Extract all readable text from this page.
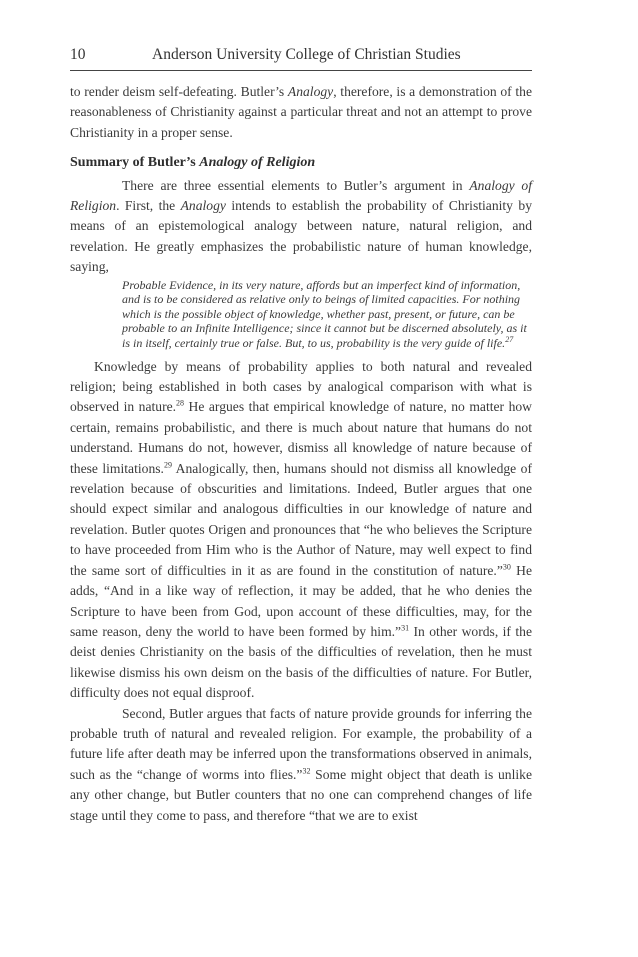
10	Anderson University College of Christian Studies

to render deism self-defeating. Butler’s Analogy, therefore, is a demonstration of the reasonableness of Christianity against a particular threat and not an attempt to prove Christianity in a proper sense.

Summary of Butler’s Analogy of Religion

There are three essential elements to Butler’s argument in Analogy of Religion. First, the Analogy intends to establish the probability of Christianity by means of an epistemological analogy between nature, natural religion, and revelation. He greatly emphasizes the probabilistic nature of human knowledge, saying,

Probable Evidence, in its very nature, affords but an imperfect kind of information, and is to be considered as relative only to beings of limited capacities. For nothing which is the possible object of knowledge, whether past, present, or future, can be probable to an Infinite Intelligence; since it cannot but be discerned absolutely, as it is in itself, certainly true or false. But, to us, probability is the very guide of life.$^{27}$

Knowledge by means of probability applies to both natural and revealed religion; being established in both cases by analogical comparison with what is observed in nature.$^{28}$ He argues that empirical knowledge of nature, no matter how certain, remains probabilistic, and there is much about nature that humans do not understand. Humans do not, however, dismiss all knowledge of nature because of these limitations.$^{29}$ Analogically, then, humans should not dismiss all knowledge of revelation because of obscurities and limitations. Indeed, Butler argues that one should expect similar and analogous difficulties in our knowledge of nature and revelation. Butler quotes Origen and pronounces that “he who believes the Scripture to have proceeded from Him who is the Author of Nature, may well expect to find the same sort of difficulties in it as are found in the constitution of nature.”$^{30}$ He adds, “And in a like way of reflection, it may be added, that he who denies the Scripture to have been from God, upon account of these difficulties, may, for the same reason, deny the world to have been formed by him.”$^{31}$ In other words, if the deist denies Christianity on the basis of the difficulties of revelation, then he must likewise dismiss his own deism on the basis of the difficulties of nature. For Butler, difficulty does not equal disproof.

Second, Butler argues that facts of nature provide grounds for inferring the probable truth of natural and revealed religion. For example, the probability of a future life after death may be inferred upon the transformations observed in animals, such as the “change of worms into flies.”$^{32}$ Some might object that death is unlike any other change, but Butler counters that no one can comprehend changes of life stage until they come to pass, and therefore “that we are to exist
